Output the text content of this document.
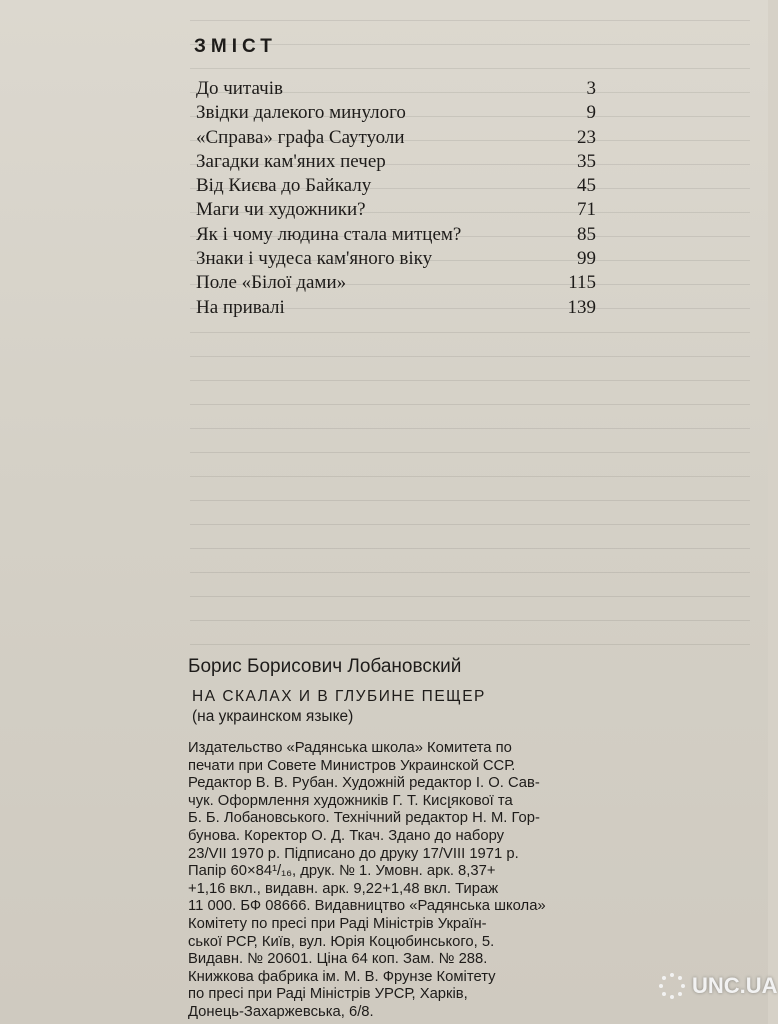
ЗМІСТ
До читачів	3
Звідки далекого минулого	9
«Справа» графа Саутуоли	23
Загадки кам'яних печер	35
Від Києва до Байкалу	45
Маги чи художники?	71
Як і чому людина стала митцем?	85
Знаки і чудеса кам'яного віку	99
Поле «Білої дами»	115
На привалі	139
Борис Борисович Лобановский
НА СКАЛАХ И В ГЛУБИНЕ ПЕЩЕР
(на украинском языке)
Издательство «Радянська школа» Комитета по
печати при Совете Министров Украинской ССР.
Редактор В. В. Рубан. Художній редактор І. О. Сав-
чук. Оформлення художників Г. Т. Кисլякової та
Б. Б. Лобановського. Технічний редактор Н. М. Гор-
бунова. Коректор О. Д. Ткач. Здано до набору
23/VII 1970 р. Підписано до друку 17/VIII 1971 р.
Папір 60×84¹/₁₆, друк. № 1. Умовн. арк. 8,37+
+1,16 вкл., видавн. арк. 9,22+1,48 вкл. Тираж
11 000. БФ 08666. Видавництво «Радянська школа»
Комітету по пресі при Раді Міністрів Україн-
ської РСР, Київ, вул. Юрія Коцюбинського, 5.
Видавн. № 20601. Ціна 64 коп. Зам. № 288.
Книжкова фабрика ім. М. В. Фрунзе Комітету
по пресі при Раді Міністрів УРСР, Харків,
Донець-Захаржевська, 6/8.
UNC.UA
